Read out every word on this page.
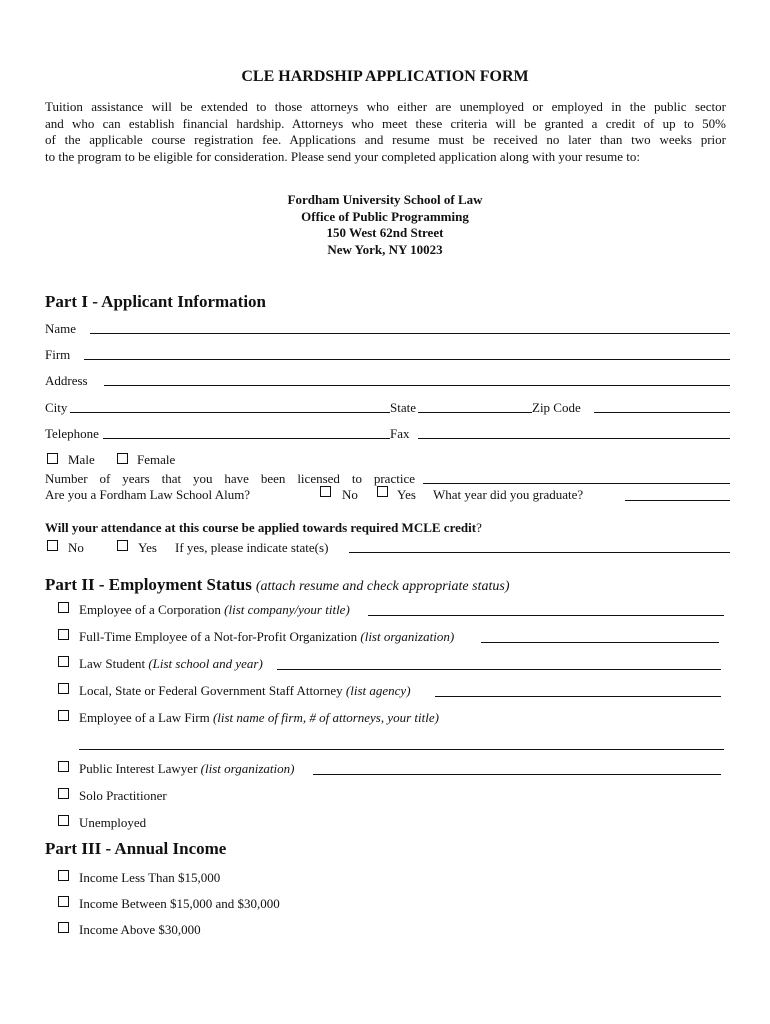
CLE HARDSHIP APPLICATION FORM

Tuition assistance will be extended to those attorneys who either are unemployed or employed in the public sector

and who can establish financial hardship. Attorneys who meet these criteria will be granted a credit of up to 50%

of the applicable course registration fee. Applications and resume must be received no later than two weeks prior

to the program to be eligible for consideration. Please send your completed application along with your resume to:

Fordham University School of Law
Office of Public Programming
150 West 62nd Street
New York, NY 10023
Part I - Applicant Information
Name
Firm
Address
City	State	Zip Code
Telephone	Fax
Male	Female
Number of years that you have been licensed to practice
Are you a Fordham Law School Alum?	No	Yes What year did you graduate?
Will your attendance at this course be applied towards required MCLE credit?
No	Yes If yes, please indicate state(s)
Part II - Employment Status (attach resume and check appropriate status)
Employee of a Corporation (list company/your title)
Full-Time Employee of a Not-for-Profit Organization (list organization)
Law Student (List school and year)
Local, State or Federal Government Staff Attorney (list agency)
Employee of a Law Firm (list name of firm, # of attorneys, your title)
Public Interest Lawyer (list organization)
Solo Practitioner
Unemployed
Part III - Annual Income
Income Less Than $15,000
Income Between $15,000 and $30,000
Income Above $30,000
